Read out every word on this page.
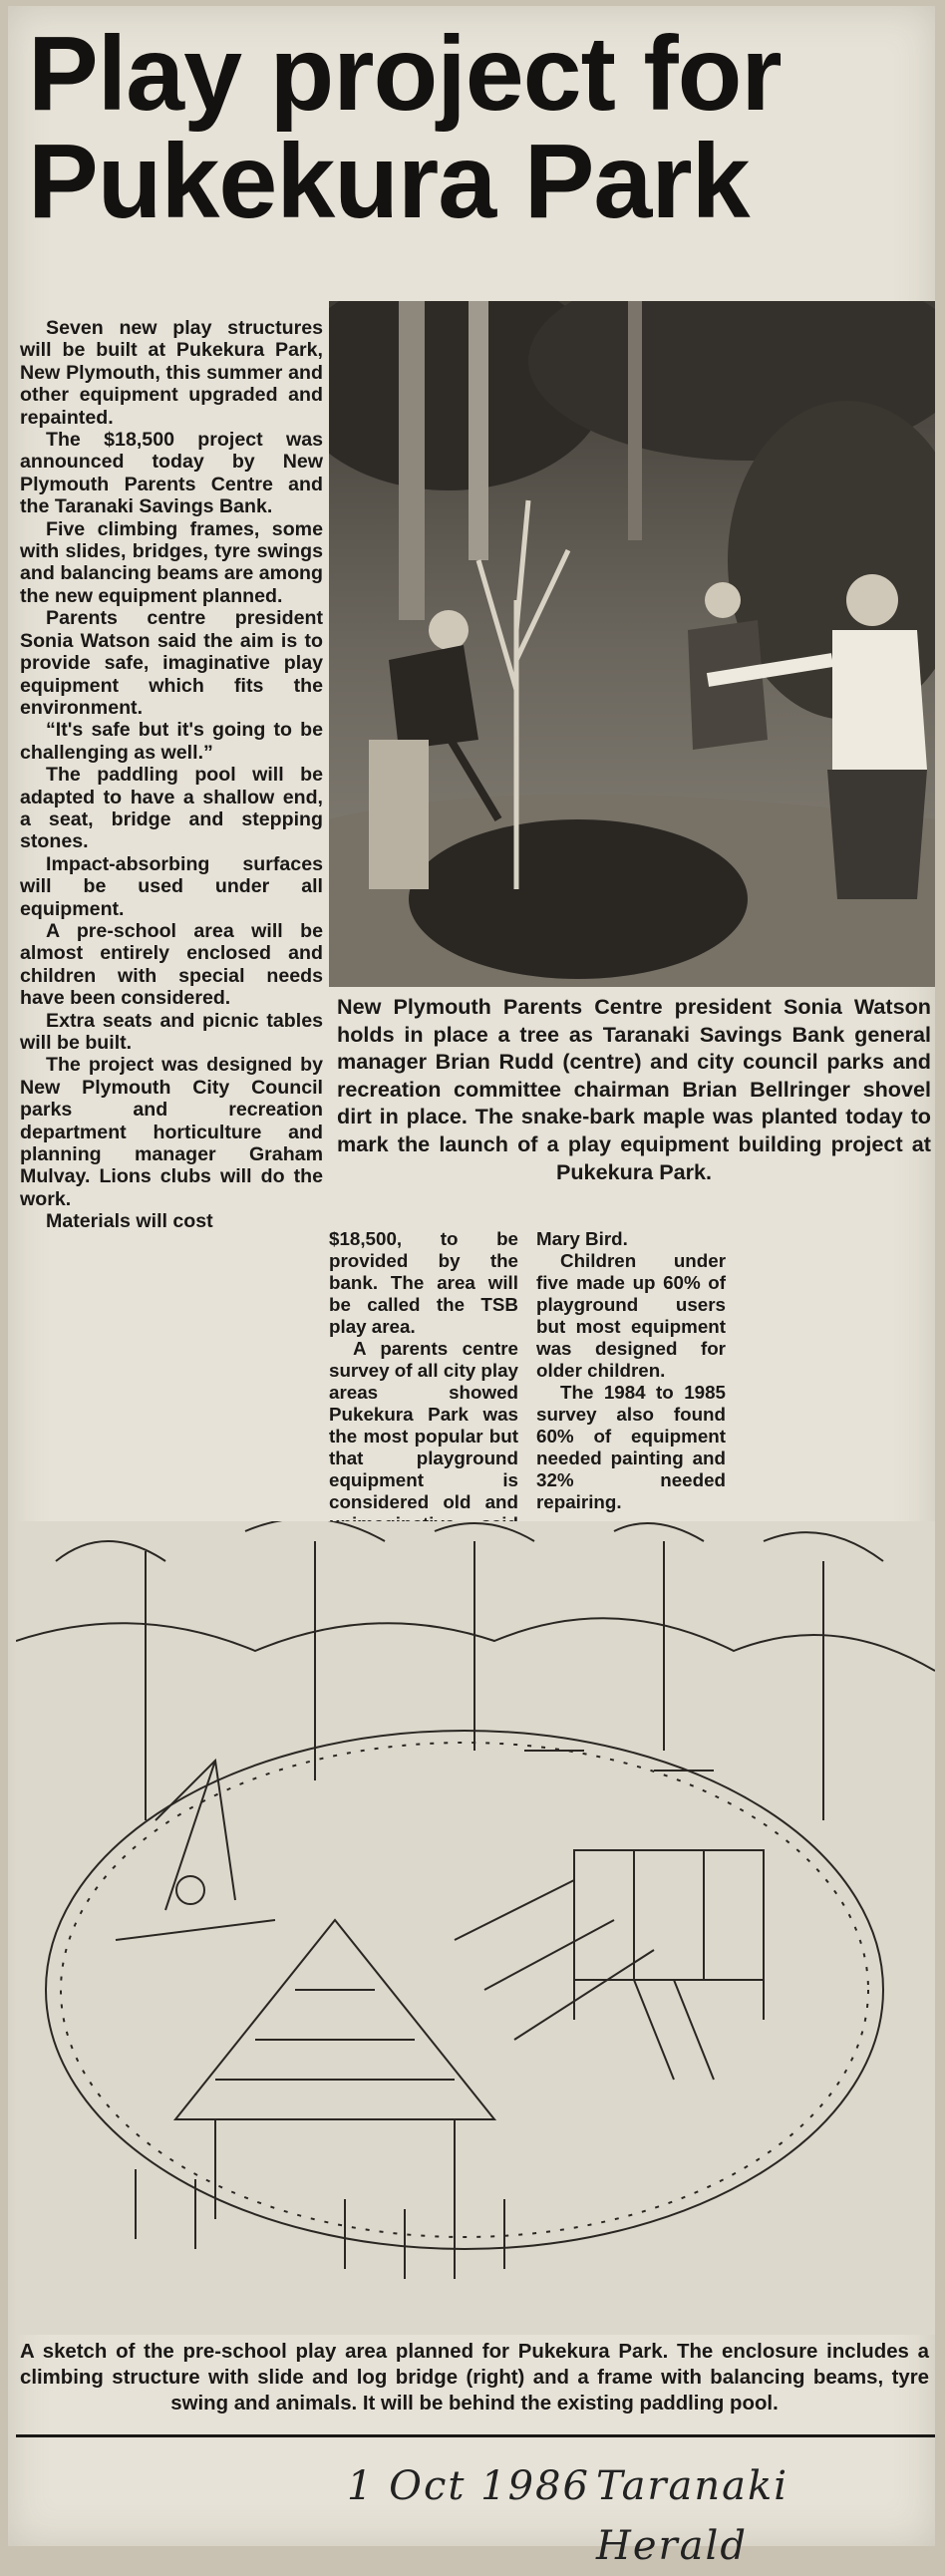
Play project for
Pukekura Park

Seven new play structures will be built at Pukekura Park, New Plymouth, this summer and other equipment upgraded and repainted.

The $18,500 project was announced today by New Plymouth Parents Centre and the Taranaki Savings Bank.

Five climbing frames, some with slides, bridges, tyre swings and balancing beams are among the new equipment planned.

Parents centre president Sonia Watson said the aim is to provide safe, imaginative play equipment which fits the environment.

“It's safe but it's going to be challenging as well.”

The paddling pool will be adapted to have a shallow end, a seat, bridge and stepping stones.

Impact-absorbing surfaces will be used under all equipment.

A pre-school area will be almost entirely enclosed and children with special needs have been considered.

Extra seats and picnic tables will be built.

The project was designed by New Plymouth City Council parks and recreation department horticulture and planning manager Graham Mulvay. Lions clubs will do the work.

Materials will cost

New Plymouth Parents Centre president Sonia Watson holds in place a tree as Taranaki Savings Bank general manager Brian Rudd (centre) and city council parks and recreation committee chairman Brian Bellringer shovel dirt in place. The snake-bark maple was planted today to mark the launch of a play equipment building project at Pukekura Park.

$18,500, to be provided by the bank. The area will be called the TSB play area.

A parents centre survey of all city play areas showed Pukekura Park was the most popular but that playground equipment is considered old and

Mary Bird.

Children under five made up 60% of playground users but most equipment was designed for older children.

The 1984 to 1985 survey also found 60% of equipment needed painting and 32% needed repairing.

A sketch of the pre-school play area planned for Pukekura Park. The enclosure includes a climbing structure with slide and log bridge (right) and a frame with balancing beams, tyre swing and animals. It will be behind the existing paddling pool.
1 Oct 1986 Taranaki Herald
